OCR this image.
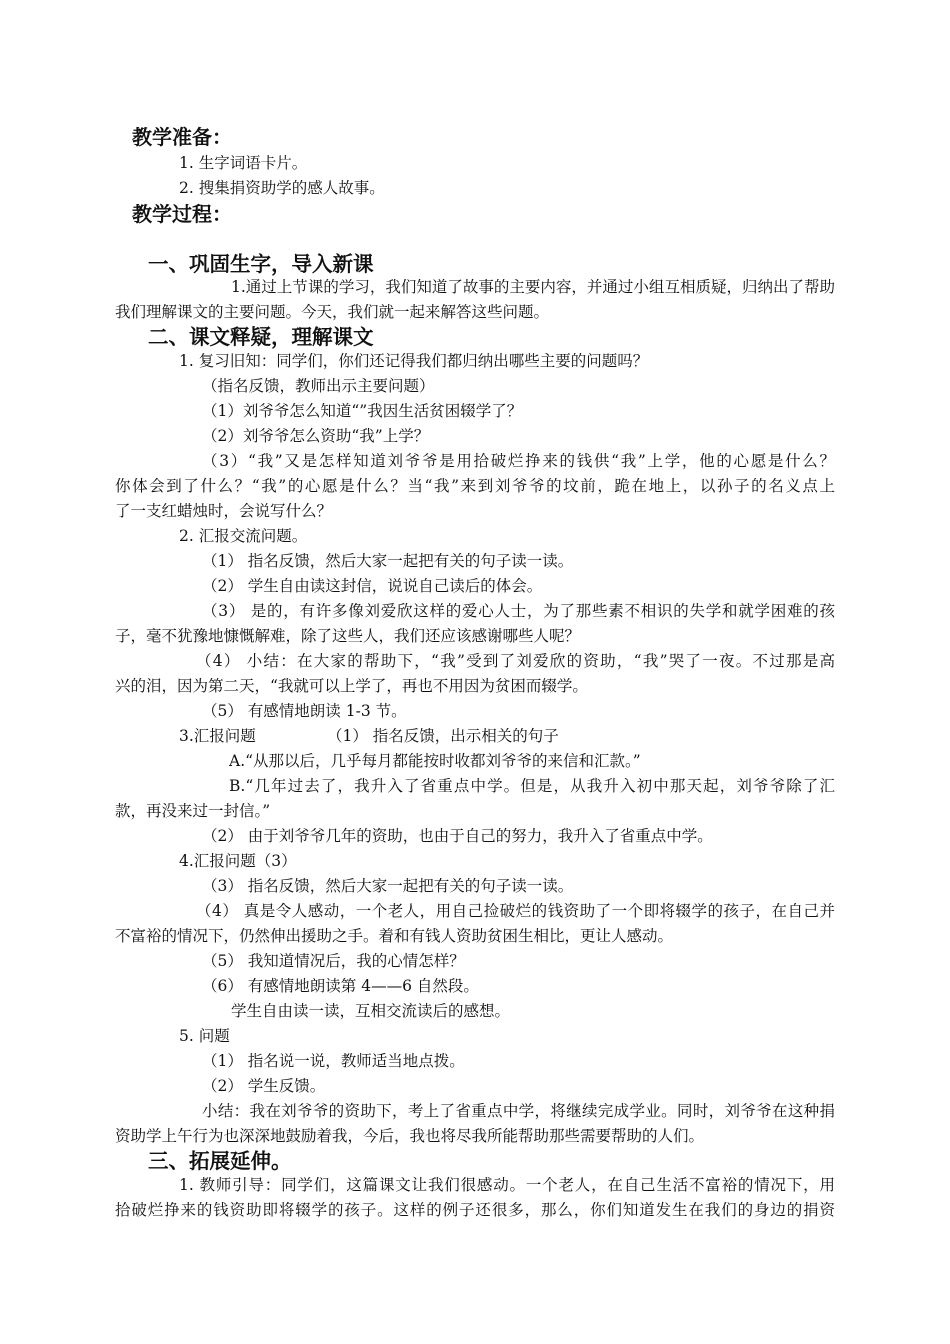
教学准备：
1. 生字词语卡片。
2. 搜集捐资助学的感人故事。
教学过程：
一、巩固生字，导入新课
1.通过上节课的学习，我们知道了故事的主要内容，并通过小组互相质疑，归纳出了帮助
我们理解课文的主要问题。今天，我们就一起来解答这些问题。
二、课文释疑，理解课文
1. 复习旧知：同学们，你们还记得我们都归纳出哪些主要的问题吗？
（指名反馈，教师出示主要问题）
（1）刘爷爷怎么知道“”我因生活贫困辍学了？
（2）刘爷爷怎么资助“我”上学？
（3）“我”又是怎样知道刘爷爷是用拾破烂挣来的钱供“我”上学，他的心愿是什么？
你体会到了什么？“我”的心愿是什么？当“我”来到刘爷爷的坟前，跪在地上，以孙子的名义点上
了一支红蜡烛时，会说写什么？
2. 汇报交流问题。
（1） 指名反馈，然后大家一起把有关的句子读一读。
（2） 学生自由读这封信，说说自己读后的体会。
（3） 是的，有许多像刘爱欣这样的爱心人士，为了那些素不相识的失学和就学困难的孩
子，毫不犹豫地慷慨解难，除了这些人，我们还应该感谢哪些人呢？
（4） 小结：在大家的帮助下，“我”受到了刘爱欣的资助，“我”哭了一夜。不过那是高
兴的泪，因为第二天，“我就可以上学了，再也不用因为贫困而辍学。
（5） 有感情地朗读 1-3 节。
3.汇报问题	（1） 指名反馈，出示相关的句子
A.“从那以后，几乎每月都能按时收都刘爷爷的来信和汇款。”
B.“几年过去了，我升入了省重点中学。但是，从我升入初中那天起，刘爷爷除了汇
款，再没来过一封信。”
（2） 由于刘爷爷几年的资助，也由于自己的努力，我升入了省重点中学。
4.汇报问题（3）
（3） 指名反馈，然后大家一起把有关的句子读一读。
（4） 真是令人感动，一个老人，用自己捡破烂的钱资助了一个即将辍学的孩子，在自己并
不富裕的情况下，仍然伸出援助之手。着和有钱人资助贫困生相比，更让人感动。
（5） 我知道情况后，我的心情怎样？
（6） 有感情地朗读第 4——6 自然段。
学生自由读一读，互相交流读后的感想。
5. 问题
（1） 指名说一说，教师适当地点拨。
（2） 学生反馈。
小结：我在刘爷爷的资助下，考上了省重点中学，将继续完成学业。同时，刘爷爷在这种捐
资助学上午行为也深深地鼓励着我，今后，我也将尽我所能帮助那些需要帮助的人们。
三、拓展延伸。
1. 教师引导：同学们，这篇课文让我们很感动。一个老人，在自己生活不富裕的情况下，用
拾破烂挣来的钱资助即将辍学的孩子。这样的例子还很多，那么，你们知道发生在我们的身边的捐资
